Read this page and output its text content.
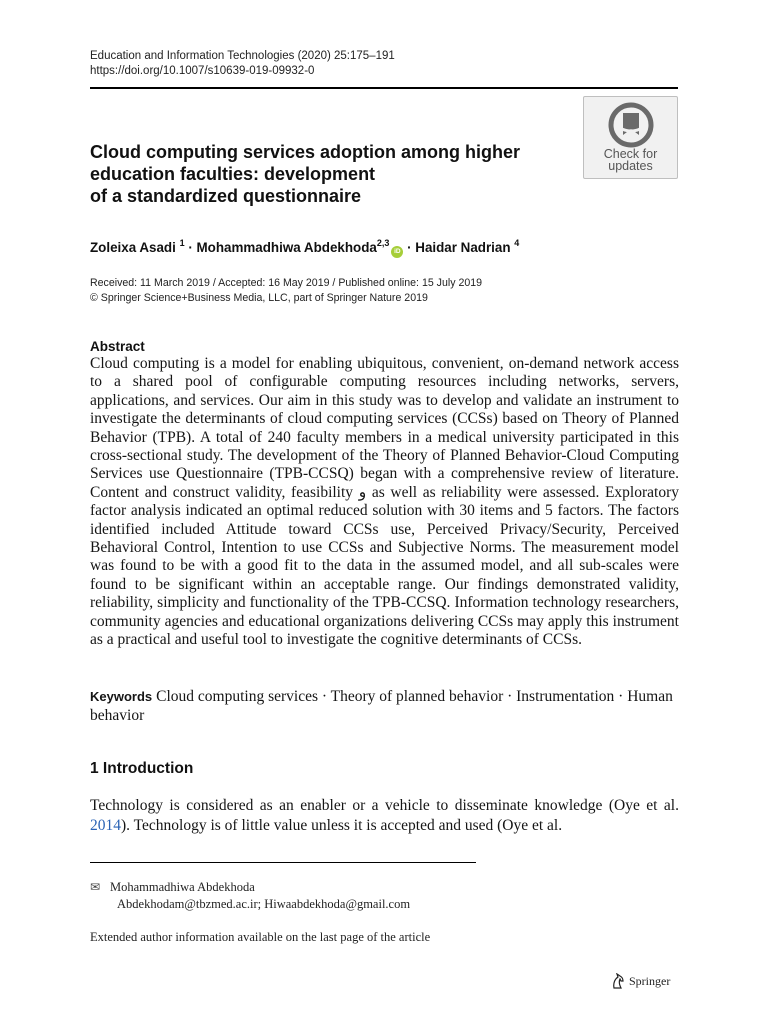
Education and Information Technologies (2020) 25:175–191
https://doi.org/10.1007/s10639-019-09932-0
Check for
updates
Cloud computing services adoption among higher
education faculties: development
of a standardized questionnaire
Zoleixa Asadi $^1$ · Mohammadhiwa Abdekhoda$^{2,3}$iD · Haidar Nadrian $^4$
Received: 11 March 2019 / Accepted: 16 May 2019 / Published online: 15 July 2019
© Springer Science+Business Media, LLC, part of Springer Nature 2019
Abstract
Cloud computing is a model for enabling ubiquitous, convenient, on-demand network access to a shared pool of configurable computing resources including networks, servers, applications, and services. Our aim in this study was to develop and validate an instrument to investigate the determinants of cloud computing services (CCSs) based on Theory of Planned Behavior (TPB). A total of 240 faculty members in a medical university participated in this cross-sectional study. The development of the Theory of Planned Behavior-Cloud Computing Services use Questionnaire (TPB-CCSQ) began with a comprehensive review of literature. Content and construct validity, feasibility و as well as reliability were assessed. Exploratory factor analysis indicated an optimal reduced solution with 30 items and 5 factors. The factors identified included Attitude toward CCSs use, Perceived Privacy/Security, Perceived Behavioral Control, Intention to use CCSs and Subjective Norms. The measurement model was found to be with a good fit to the data in the assumed model, and all sub-scales were found to be significant within an acceptable range. Our findings demonstrated validity, reliability, simplicity and functionality of the TPB-CCSQ. Information technology researchers, community agencies and educational organizations delivering CCSs may apply this instrument as a practical and useful tool to investigate the cognitive determinants of CCSs.
Keywords Cloud computing services · Theory of planned behavior · Instrumentation · Human behavior
1 Introduction
Technology is considered as an enabler or a vehicle to disseminate knowledge (Oye et al. 2014). Technology is of little value unless it is accepted and used (Oye et al.
✉ Mohammadhiwa Abdekhoda
Abdekhodam@tbzmed.ac.ir; Hiwaabdekhoda@gmail.com
Extended author information available on the last page of the article
Springer
